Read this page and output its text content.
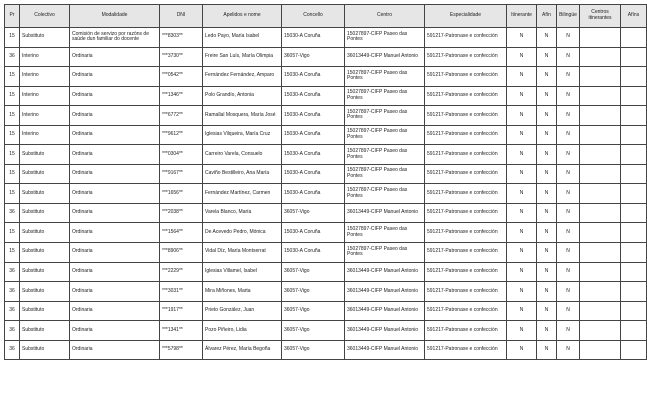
Pr	Colectivo	Modalidade	DNI	Apelidos e nome	Concello	Centro	Especialidade	Itinerante	Afín	Bilingüe	Centros itinerantes	Afíns
15	Substituto	Comisión de servizo por razóns de saúde dun familiar do docente	***8303**	Ledo Payo, María Isabel	15030-A Coruña	15027897-CIFP Paseo das Pontes	591217-Patronaxe e confección	N	N	N		
36	Interino	Ordinaria	***3730**	Freire San Luís, María Olimpia	36057-Vigo	36013449-CIFP Manuel Antonio	591217-Patronaxe e confección	N	N	N		
15	Interino	Ordinaria	***0542**	Fernández Fernández, Amparo	15030-A Coruña	15027897-CIFP Paseo das Pontes	591217-Patronaxe e confección	N	N	N		
15	Interino	Ordinaria	***1346**	Polo Grandío, Antonia	15030-A Coruña	15027897-CIFP Paseo das Pontes	591217-Patronaxe e confección	N	N	N		
15	Interino	Ordinaria	***6772**	Ramallal Mosquera, María José	15030-A Coruña	15027897-CIFP Paseo das Pontes	591217-Patronaxe e confección	N	N	N		
15	Interino	Ordinaria	***9612**	Iglesias Vilqueira, María Cruz	15030-A Coruña	15027897-CIFP Paseo das Pontes	591217-Patronaxe e confección	N	N	N		
15	Substituto	Ordinaria	***0304**	Carreiro Varela, Consuelo	15030-A Coruña	15027897-CIFP Paseo das Pontes	591217-Patronaxe e confección	N	N	N		
15	Substituto	Ordinaria	***9167**	Caviño Bestilleiro, Ana María	15030-A Coruña	15027897-CIFP Paseo das Pontes	591217-Patronaxe e confección	N	N	N		
15	Substituto	Ordinaria	***1656**	Fernández Martínez, Carmen	15030-A Coruña	15027897-CIFP Paseo das Pontes	591217-Patronaxe e confección	N	N	N		
36	Substituto	Ordinaria	***2038**	Varela Blanco, María	36057-Vigo	36013449-CIFP Manuel Antonio	591217-Patronaxe e confección	N	N	N		
15	Substituto	Ordinaria	***1564**	De Acevedo Pedro, Mónica	15030-A Coruña	15027897-CIFP Paseo das Pontes	591217-Patronaxe e confección	N	N	N		
15	Substituto	Ordinaria	***8906**	Vidal Díz, María Montserrat	15030-A Coruña	15027897-CIFP Paseo das Pontes	591217-Patronaxe e confección	N	N	N		
36	Substituto	Ordinaria	***2229**	Iglesias Villamel, Isabel	36057-Vigo	36013449-CIFP Manuel Antonio	591217-Patronaxe e confección	N	N	N		
36	Substituto	Ordinaria	***3031**	Mira Miñones, Marta	36057-Vigo	36013449-CIFP Manuel Antonio	591217-Patronaxe e confección	N	N	N		
36	Substituto	Ordinaria	***1917**	Prieto González, Juan	36057-Vigo	36013449-CIFP Manuel Antonio	591217-Patronaxe e confección	N	N	N		
36	Substituto	Ordinaria	***1341**	Pozo Piñeiro, Lidia	36057-Vigo	36013449-CIFP Manuel Antonio	591217-Patronaxe e confección	N	N	N		
36	Substituto	Ordinaria	***5798**	Álvarez Pérez, María Begoña	36057-Vigo	36013449-CIFP Manuel Antonio	591217-Patronaxe e confección	N	N	N		
